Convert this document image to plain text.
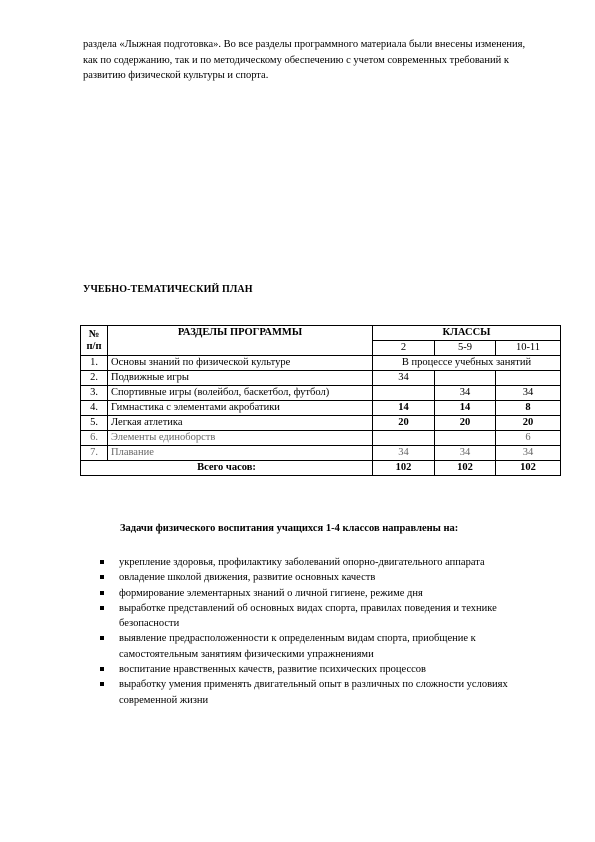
раздела «Лыжная подготовка». Во все разделы программного материала были внесены изменения, как по содержанию, так и по методическому обеспечению с учетом современных требований к развитию физической культуры и спорта.

УЧЕБНО-ТЕМАТИЧЕСКИЙ ПЛАН

№ п/п	РАЗДЕЛЫ ПРОГРАММЫ	КЛАССЫ		
		2	5-9	10-11
1.	Основы знаний по физической культуре	В процессе учебных занятий		
2.	Подвижные игры	34		
3.	Спортивные игры (волейбол, баскетбол, футбол)		34	34
4.	Гимнастика с элементами акробатики	14	14	8
5.	Легкая атлетика	20	20	20
6.	Элементы единоборств			6
7.	Плавание	34	34	34
Всего часов:		102	102	102

Задачи физического воспитания учащихся 1-4 классов направлены на:

укрепление здоровья, профилактику заболеваний опорно-двигательного аппарата
овладение школой движения, развитие основных качеств
формирование элементарных знаний о личной гигиене, режиме дня
выработке представлений об основных видах спорта, правилах поведения и технике безопасности
выявление предрасположенности к определенным видам спорта, приобщение к самостоятельным занятиям физическими упражнениями
воспитание нравственных качеств, развитие психических процессов
выработку умения применять двигательный опыт в различных по сложности условиях современной жизни
